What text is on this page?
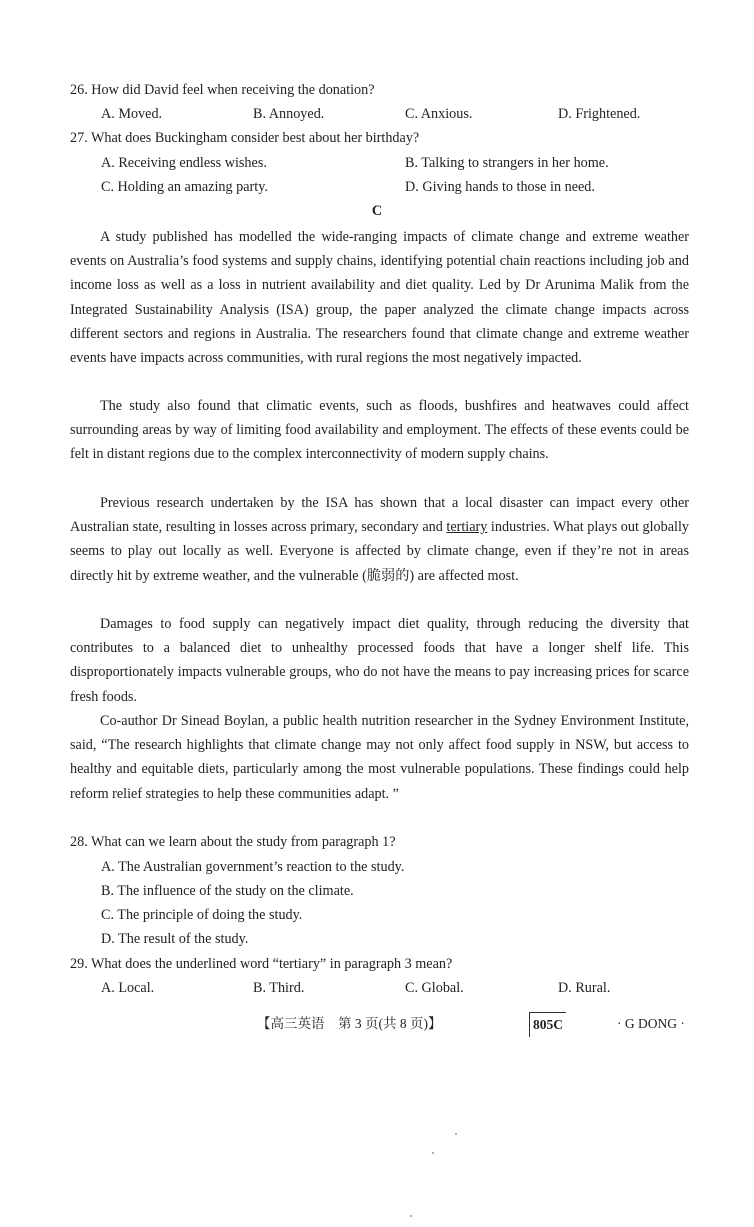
26. How did David feel when receiving the donation?
A. Moved.	B. Annoyed.	C. Anxious.	D. Frightened.
27. What does Buckingham consider best about her birthday?
A. Receiving endless wishes.	B. Talking to strangers in her home.
C. Holding an amazing party.	D. Giving hands to those in need.
C
A study published has modelled the wide-ranging impacts of climate change and extreme weather events on Australia’s food systems and supply chains, identifying potential chain reactions including job and income loss as well as a loss in nutrient availability and diet quality. Led by Dr Arunima Malik from the Integrated Sustainability Analysis (ISA) group, the paper analyzed the climate change impacts across different sectors and regions in Australia. The researchers found that climate change and extreme weather events have impacts across communities, with rural regions the most negatively impacted.
The study also found that climatic events, such as floods, bushfires and heatwaves could affect surrounding areas by way of limiting food availability and employment. The effects of these events could be felt in distant regions due to the complex interconnectivity of modern supply chains.
Previous research undertaken by the ISA has shown that a local disaster can impact every other Australian state, resulting in losses across primary, secondary and tertiary industries. What plays out globally seems to play out locally as well. Everyone is affected by climate change, even if they’re not in areas directly hit by extreme weather, and the vulnerable (脆弱的) are affected most.
Damages to food supply can negatively impact diet quality, through reducing the diversity that contributes to a balanced diet to unhealthy processed foods that have a longer shelf life. This disproportionately impacts vulnerable groups, who do not have the means to pay increasing prices for scarce fresh foods.
Co-author Dr Sinead Boylan, a public health nutrition researcher in the Sydney Environment Institute, said, “The research highlights that climate change may not only affect food supply in NSW, but access to healthy and equitable diets, particularly among the most vulnerable populations. These findings could help reform relief strategies to help these communities adapt. ”
28. What can we learn about the study from paragraph 1?
A. The Australian government’s reaction to the study.
B. The influence of the study on the climate.
C. The principle of doing the study.
D. The result of the study.
29. What does the underlined word “tertiary” in paragraph 3 mean?
A. Local.	B. Third.	C. Global.	D. Rural.
【高三英语　第 3 页(共 8 页)】	805C	· G DONG ·
